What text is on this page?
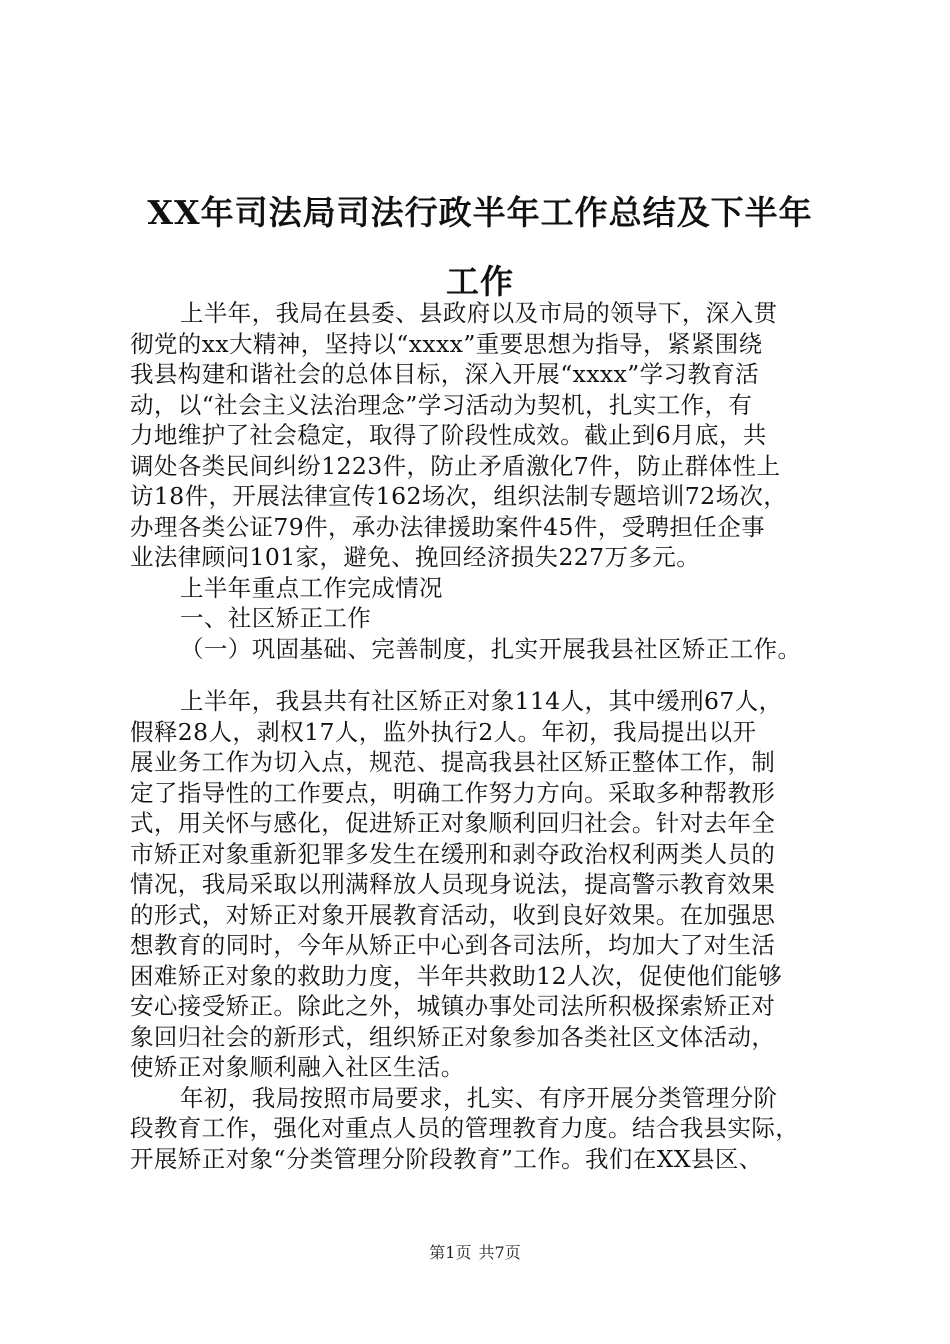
XX年司法局司法行政半年工作总结及下半年
工作
上半年，我局在县委、县政府以及市局的领导下，深入贯
彻党的xx大精神，坚持以“xxxx”重要思想为指导，紧紧围绕
我县构建和谐社会的总体目标，深入开展“xxxx”学习教育活
动，以“社会主义法治理念”学习活动为契机，扎实工作，有
力地维护了社会稳定，取得了阶段性成效。截止到6月底，共
调处各类民间纠纷1223件，防止矛盾激化7件，防止群体性上
访18件，开展法律宣传162场次，组织法制专题培训72场次，
办理各类公证79件，承办法律援助案件45件，受聘担任企事
业法律顾问101家，避免、挽回经济损失227万多元。
上半年重点工作完成情况
一、社区矫正工作
（一）巩固基础、完善制度，扎实开展我县社区矫正工作。
上半年，我县共有社区矫正对象114人，其中缓刑67人，
假释28人，剥权17人，监外执行2人。年初，我局提出以开
展业务工作为切入点，规范、提高我县社区矫正整体工作，制
定了指导性的工作要点，明确工作努力方向。采取多种帮教形
式，用关怀与感化，促进矫正对象顺利回归社会。针对去年全
市矫正对象重新犯罪多发生在缓刑和剥夺政治权利两类人员的
情况，我局采取以刑满释放人员现身说法，提高警示教育效果
的形式，对矫正对象开展教育活动，收到良好效果。在加强思
想教育的同时，今年从矫正中心到各司法所，均加大了对生活
困难矫正对象的救助力度，半年共救助12人次，促使他们能够
安心接受矫正。除此之外，城镇办事处司法所积极探索矫正对
象回归社会的新形式，组织矫正对象参加各类社区文体活动，
使矫正对象顺利融入社区生活。
年初，我局按照市局要求，扎实、有序开展分类管理分阶
段教育工作，强化对重点人员的管理教育力度。结合我县实际，
开展矫正对象“分类管理分阶段教育”工作。我们在XX县区、
第1页 共7页
